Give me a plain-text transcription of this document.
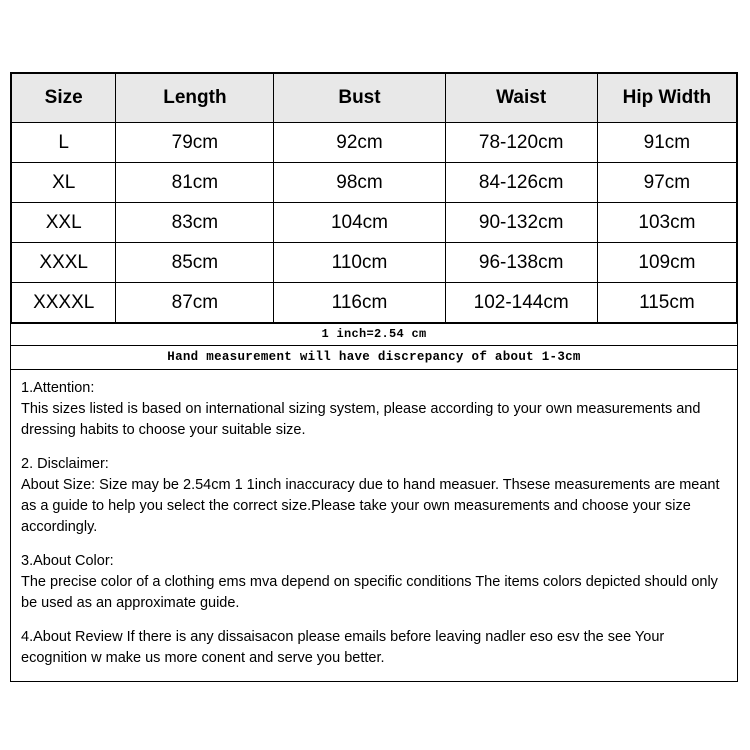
Size	Length	Bust	Waist	Hip Width
L	79cm	92cm	78-120cm	91cm
XL	81cm	98cm	84-126cm	97cm
XXL	83cm	104cm	90-132cm	103cm
XXXL	85cm	110cm	96-138cm	109cm
XXXXL	87cm	116cm	102-144cm	115cm
1 inch=2.54 cm
Hand measurement will have discrepancy of about 1-3cm

1.Attention:
This sizes listed is based on international sizing system, please according to your own measurements and dressing habits to choose your suitable size.

2. Disclaimer:
About Size: Size may be 2.54cm 1 1inch inaccuracy due to hand measuer. Thsese measurements are meant as a guide to help you select the correct size.Please take your own measurements and choose your size accordingly.

3.About Color:
The precise color of a clothing ems mva depend on specific conditions The items colors depicted should only be used as an approximate guide.

4.About Review If there is any dissaisacon please emails before leaving nadler eso esv the see Your ecognition w make us more conent and serve you better.
